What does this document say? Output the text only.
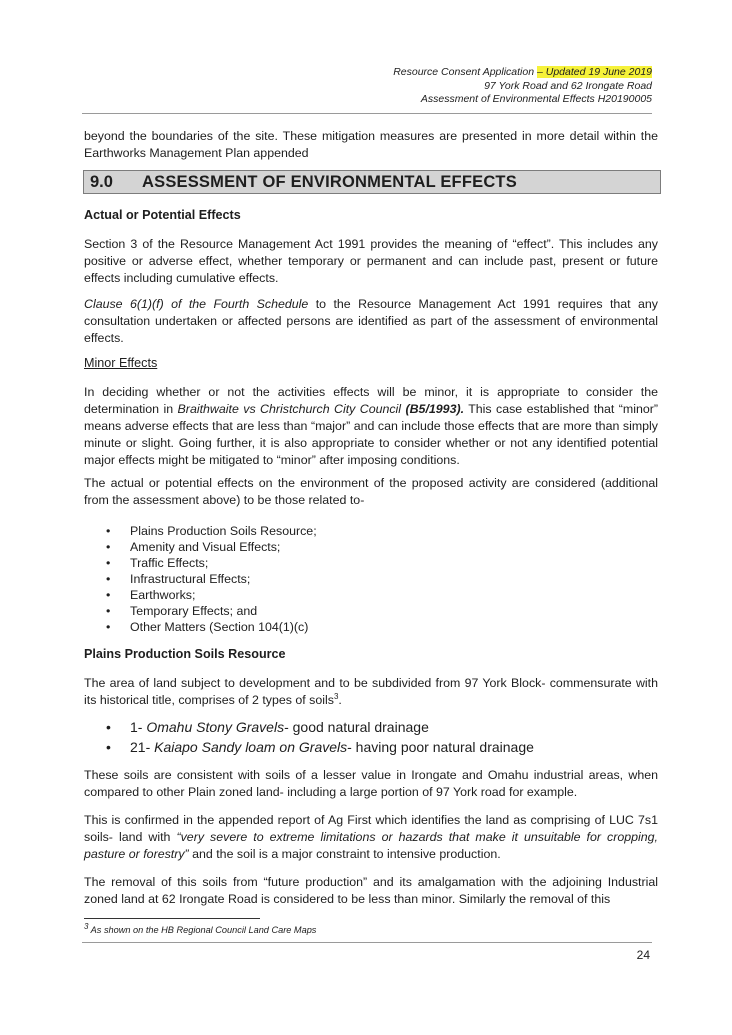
Resource Consent Application – Updated 19 June 2019
97 York Road and 62 Irongate Road
Assessment of Environmental Effects H20190005

beyond the boundaries of the site. These mitigation measures are presented in more detail within the Earthworks Management Plan appended

9.0 ASSESSMENT OF ENVIRONMENTAL EFFECTS

Actual or Potential Effects

Section 3 of the Resource Management Act 1991 provides the meaning of “effect”. This includes any positive or adverse effect, whether temporary or permanent and can include past, present or future effects including cumulative effects.

Clause 6(1)(f) of the Fourth Schedule to the Resource Management Act 1991 requires that any consultation undertaken or affected persons are identified as part of the assessment of environmental effects.

Minor Effects

In deciding whether or not the activities effects will be minor, it is appropriate to consider the determination in Braithwaite vs Christchurch City Council (B5/1993). This case established that “minor” means adverse effects that are less than “major” and can include those effects that are more than simply minute or slight. Going further, it is also appropriate to consider whether or not any identified potential major effects might be mitigated to “minor” after imposing conditions.

The actual or potential effects on the environment of the proposed activity are considered (additional from the assessment above) to be those related to-

• Plains Production Soils Resource;
• Amenity and Visual Effects;
• Traffic Effects;
• Infrastructural Effects;
• Earthworks;
• Temporary Effects; and
• Other Matters (Section 104(1)(c)

Plains Production Soils Resource

The area of land subject to development and to be subdivided from 97 York Block- commensurate with its historical title, comprises of 2 types of soils$^3$.

• 1- Omahu Stony Gravels- good natural drainage
• 21- Kaiapo Sandy loam on Gravels- having poor natural drainage

These soils are consistent with soils of a lesser value in Irongate and Omahu industrial areas, when compared to other Plain zoned land- including a large portion of 97 York road for example.

This is confirmed in the appended report of Ag First which identifies the land as comprising of LUC 7s1 soils- land with “very severe to extreme limitations or hazards that make it unsuitable for cropping, pasture or forestry” and the soil is a major constraint to intensive production.

The removal of this soils from “future production” and its amalgamation with the adjoining Industrial zoned land at 62 Irongate Road is considered to be less than minor. Similarly the removal of this

$^3$ As shown on the HB Regional Council Land Care Maps
24
